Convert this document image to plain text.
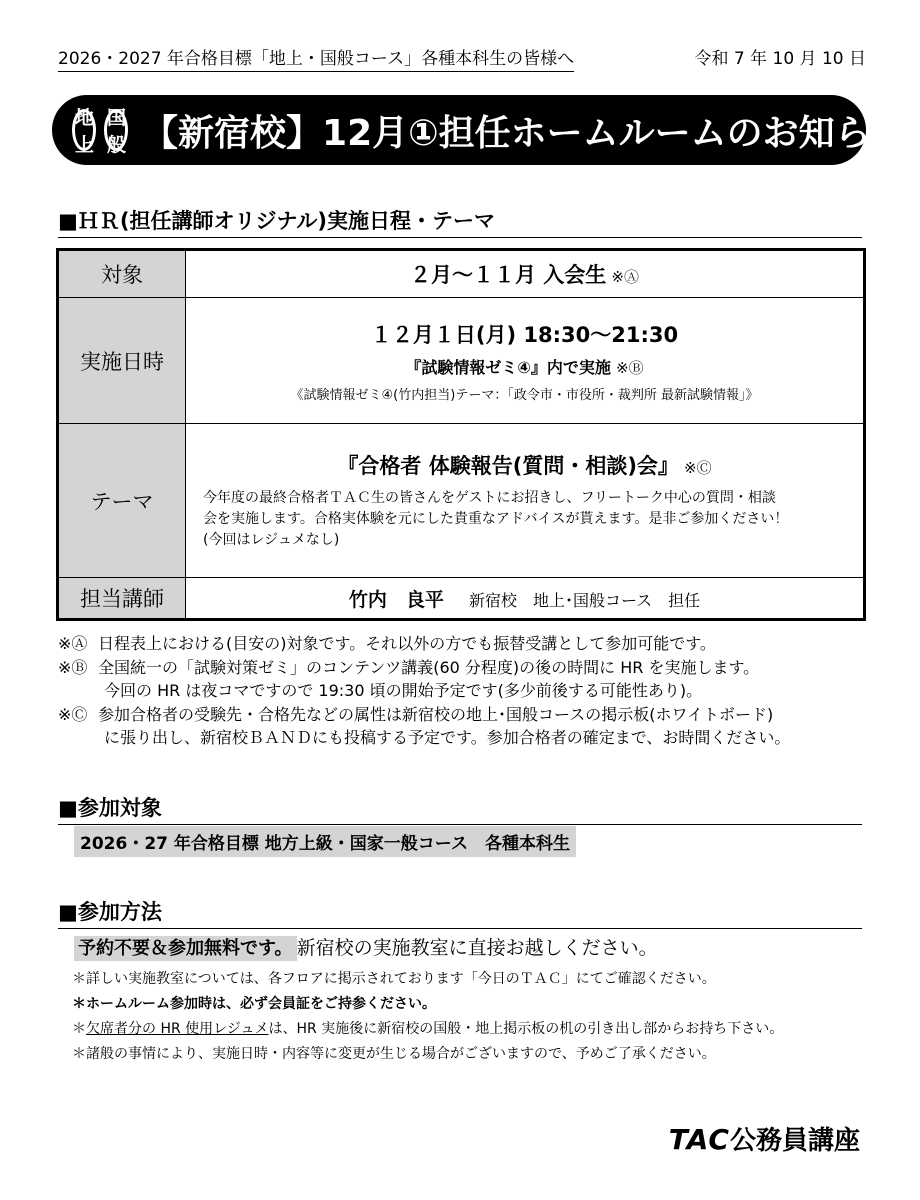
2026・2027 年合格目標「地上・国般コース」各種本科生の皆様へ	令和 7 年 10 月 10 日
地上
国般 【新宿校】12月①担任ホームルームのお知らせ
■ＨＲ(担任講師オリジナル)実施日程・テーマ
対象	２月～１１月 入会生 ※Ⓐ
実施日時	１２月１日(月) 18:30～21:30
『試験情報ゼミ④』内で実施 ※Ⓑ
《試験情報ゼミ④(竹内担当)テーマ：「政令市・市役所・裁判所 最新試験情報」》

テーマ	『合格者 体験報告(質問・相談)会』 ※Ⓒ
今年度の最終合格者ＴＡＣ生の皆さんをゲストにお招きし、フリートーク中心の質問・相談
会を実施します。合格実体験を元にした貴重なアドバイスが貰えます。是非ご参加ください！
(今回はレジュメなし)

担当講師	竹内　良平 新宿校　地上･国般コース　担任
※Ⓐ 日程表上における(目安の)対象です。それ以外の方でも振替受講として参加可能です。
※Ⓑ 全国統一の「試験対策ゼミ」のコンテンツ講義(60 分程度)の後の時間に HR を実施します。
今回の HR は夜コマですので 19:30 頃の開始予定です(多少前後する可能性あり)。
※Ⓒ 参加合格者の受験先・合格先などの属性は新宿校の地上･国般コースの掲示板(ホワイトボード)
に張り出し、新宿校ＢＡＮＤにも投稿する予定です。参加合格者の確定まで、お時間ください。
■参加対象
2026・27 年合格目標 地方上級・国家一般コース　各種本科生
■参加方法
予約不要＆参加無料です。 新宿校の実施教室に直接お越しください。
＊詳しい実施教室については、各フロアに掲示されております「今日のＴＡＣ」にてご確認ください。
＊ホームルーム参加時は、必ず会員証をご持参ください。
＊欠席者分の HR 使用レジュメは、HR 実施後に新宿校の国般・地上掲示板の机の引き出し部からお持ち下さい。
＊諸般の事情により、実施日時・内容等に変更が生じる場合がございますので、予めご了承ください。
TAC公務員講座
